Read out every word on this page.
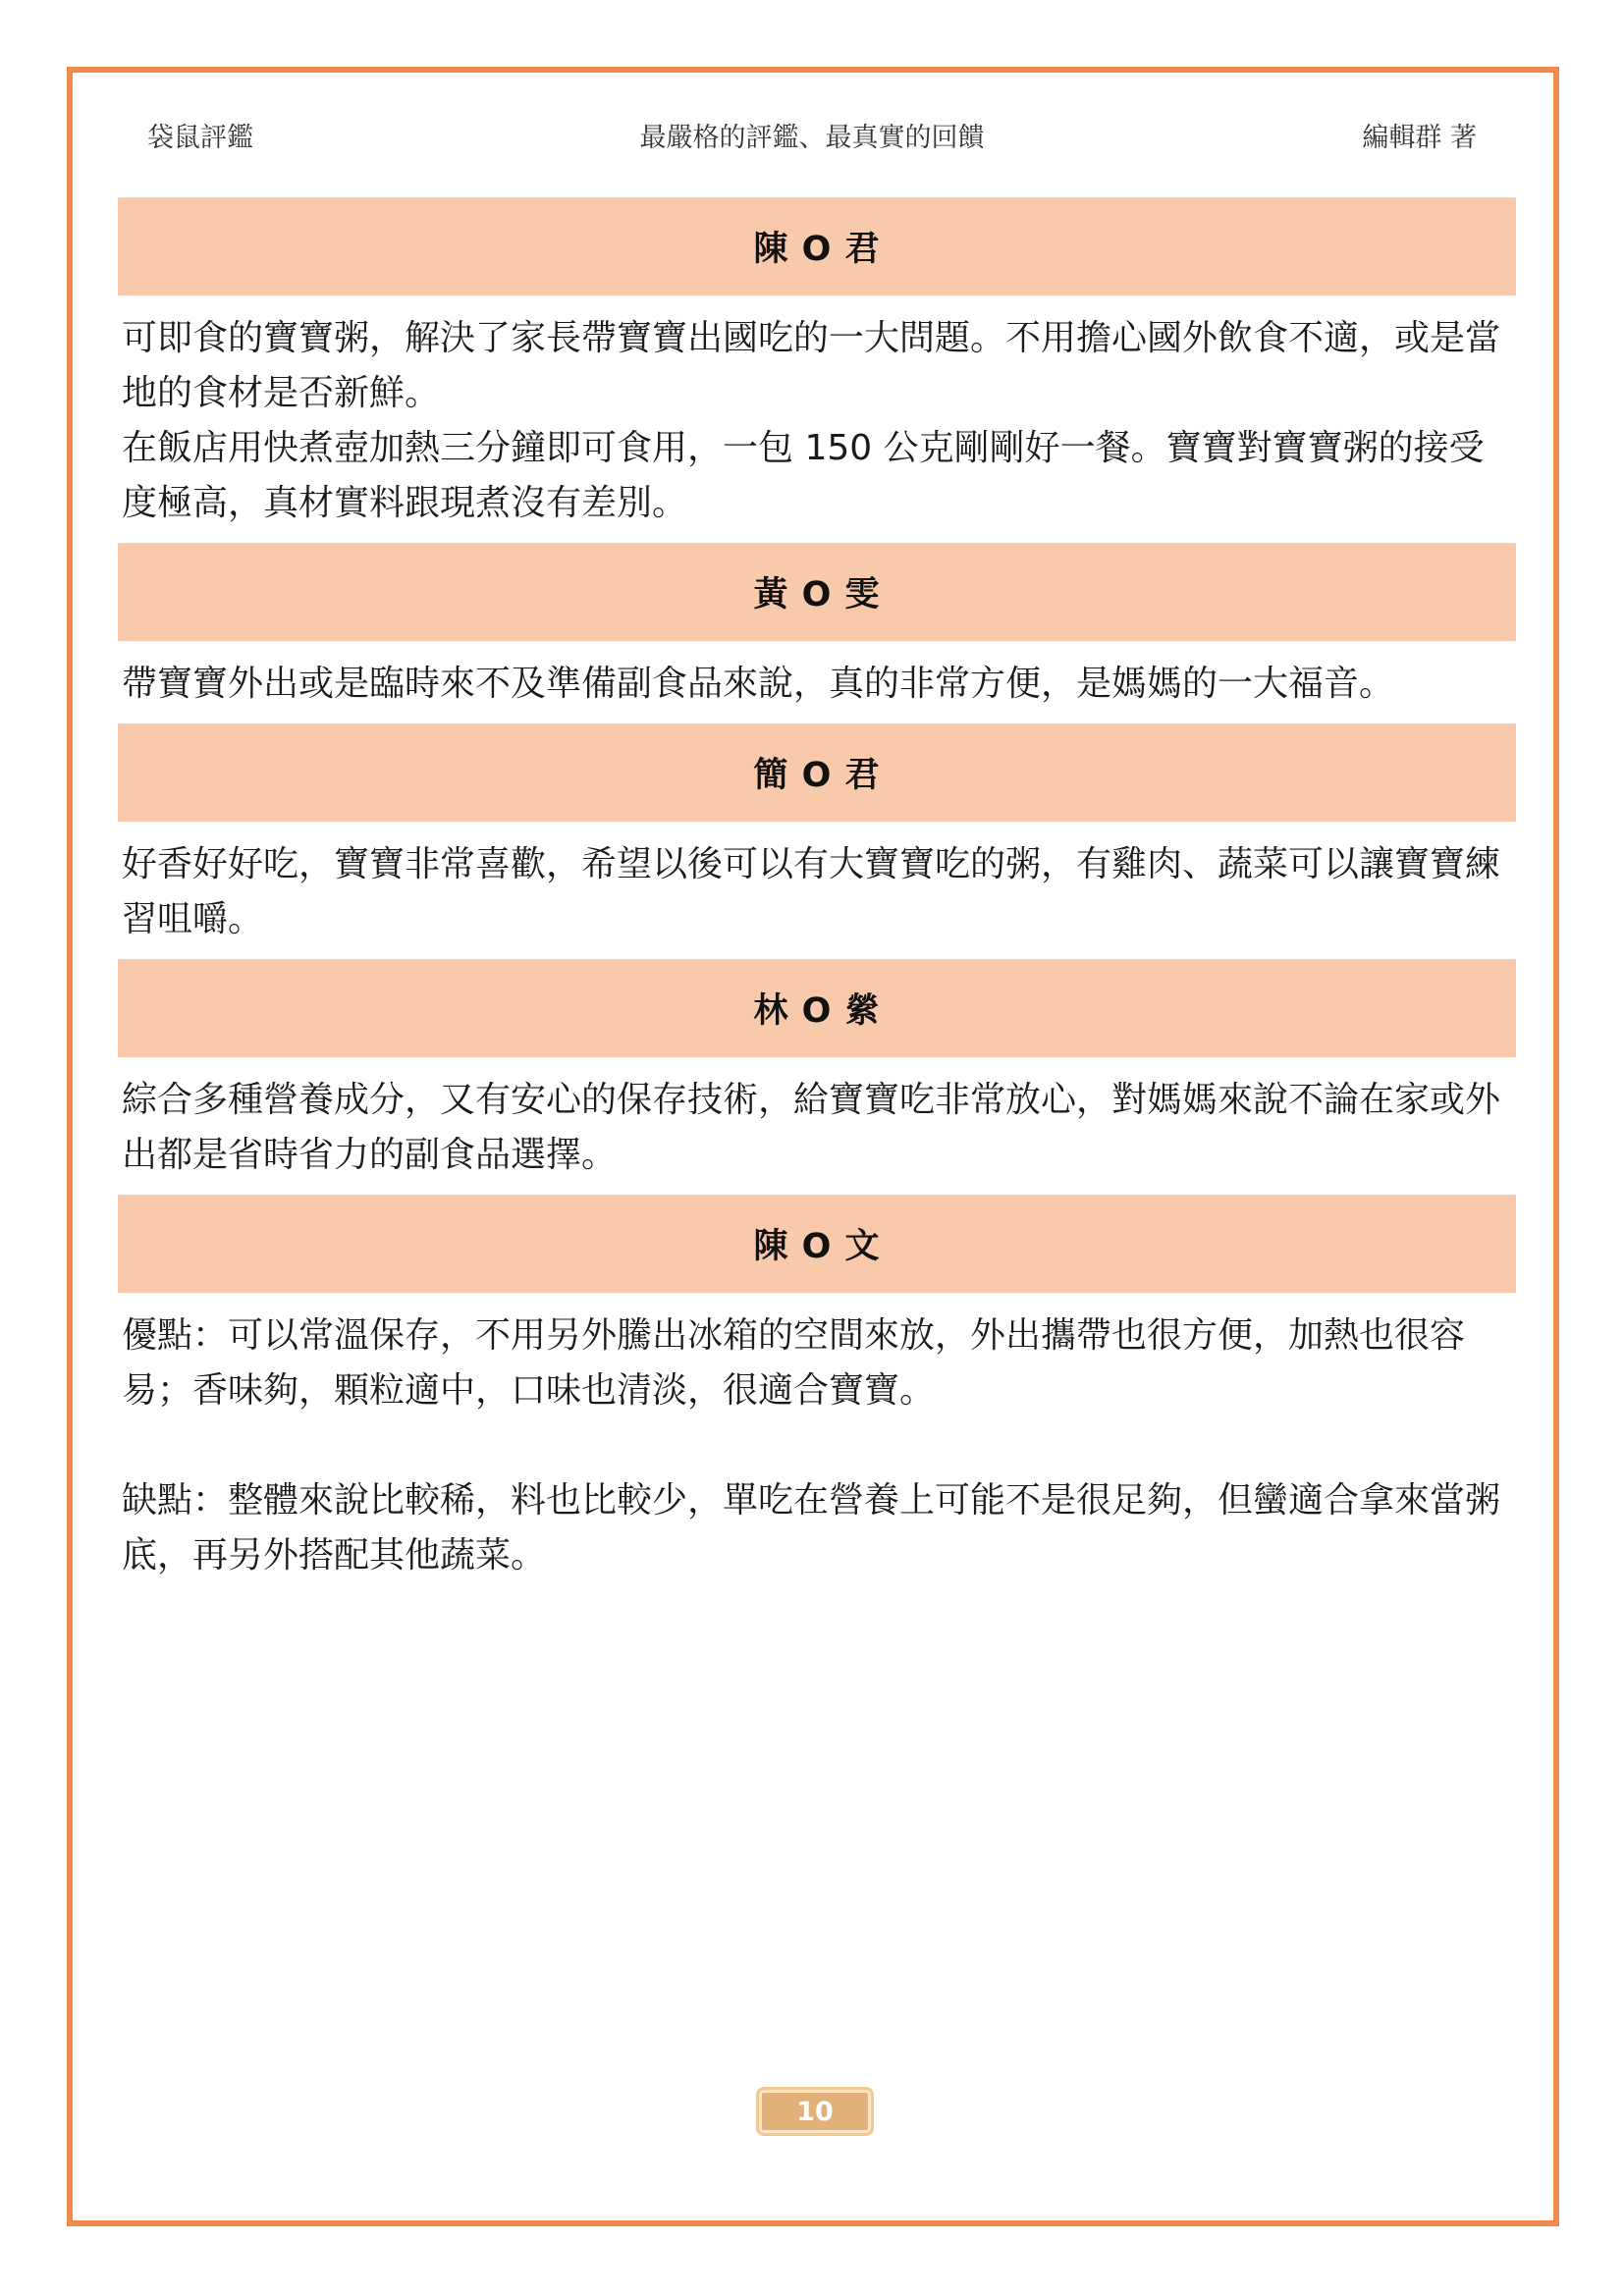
袋鼠評鑑	最嚴格的評鑑、最真實的回饋	編輯群 著
陳 O 君

可即食的寶寶粥，解決了家長帶寶寶出國吃的一大問題。不用擔心國外飲食不適，或是當地的食材是否新鮮。

在飯店用快煮壺加熱三分鐘即可食用，一包 150 公克剛剛好一餐。寶寶對寶寶粥的接受度極高，真材實料跟現煮沒有差別。

黃 O 雯

帶寶寶外出或是臨時來不及準備副食品來說，真的非常方便，是媽媽的一大福音。

簡 O 君

好香好好吃，寶寶非常喜歡，希望以後可以有大寶寶吃的粥，有雞肉、蔬菜可以讓寶寶練習咀嚼。

林 O 縈

綜合多種營養成分，又有安心的保存技術，給寶寶吃非常放心，對媽媽來說不論在家或外出都是省時省力的副食品選擇。

陳 O 文

優點：可以常溫保存，不用另外騰出冰箱的空間來放，外出攜帶也很方便，加熱也很容易；香味夠，顆粒適中，口味也清淡，很適合寶寶。

缺點：整體來說比較稀，料也比較少，單吃在營養上可能不是很足夠，但蠻適合拿來當粥底，再另外搭配其他蔬菜。

10
